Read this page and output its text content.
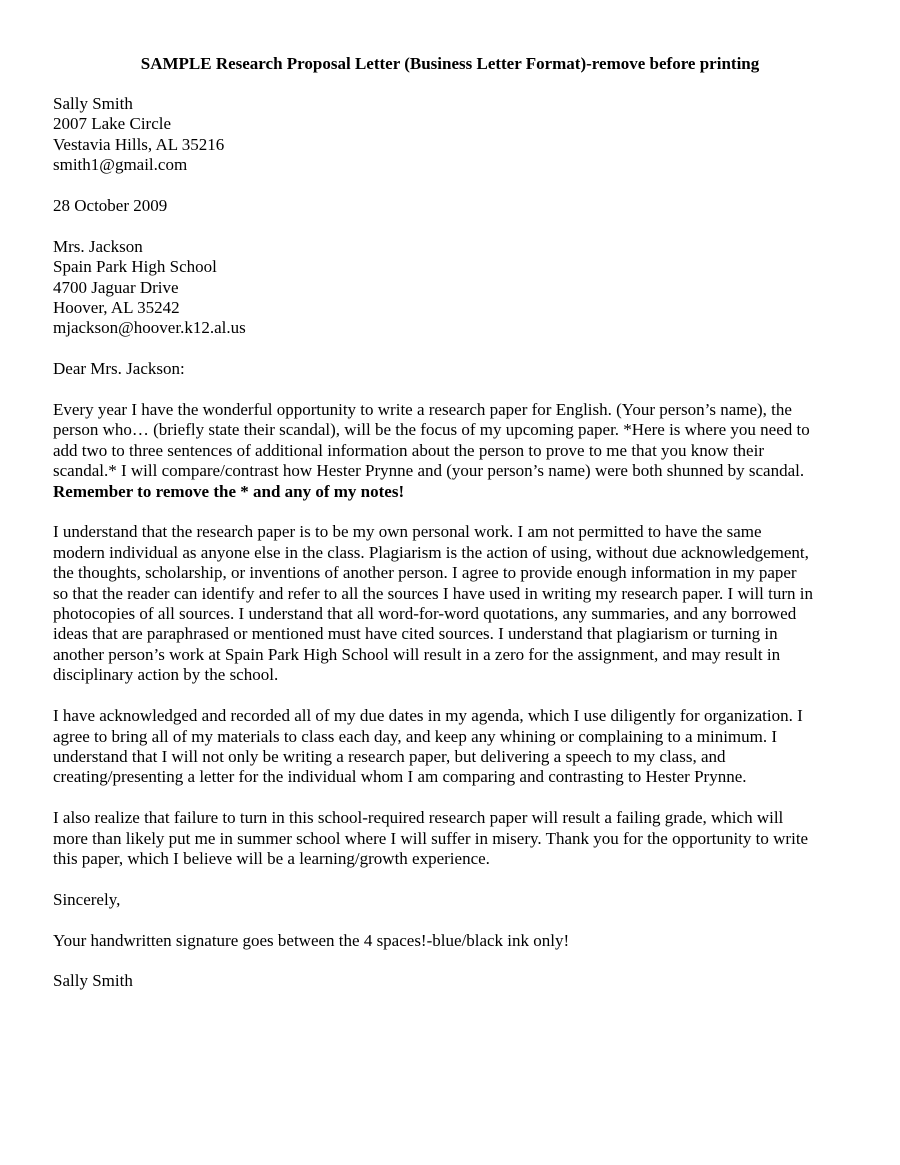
SAMPLE Research Proposal Letter (Business Letter Format)-remove before printing
Sally Smith
2007 Lake Circle
Vestavia Hills, AL 35216
smith1@gmail.com
28 October 2009
Mrs. Jackson
Spain Park High School
4700 Jaguar Drive
Hoover, AL 35242
mjackson@hoover.k12.al.us
Dear Mrs. Jackson:
Every year I have the wonderful opportunity to write a research paper for English. (Your person’s name), the
person who… (briefly state their scandal), will be the focus of my upcoming paper. *Here is where you need to
add two to three sentences of additional information about the person to prove to me that you know their
scandal.* I will compare/contrast how Hester Prynne and (your person’s name) were both shunned by scandal.
Remember to remove the * and any of my notes!
I understand that the research paper is to be my own personal work. I am not permitted to have the same
modern individual as anyone else in the class. Plagiarism is the action of using, without due acknowledgement,
the thoughts, scholarship, or inventions of another person. I agree to provide enough information in my paper
so that the reader can identify and refer to all the sources I have used in writing my research paper. I will turn in
photocopies of all sources. I understand that all word-for-word quotations, any summaries, and any borrowed
ideas that are paraphrased or mentioned must have cited sources. I understand that plagiarism or turning in
another person’s work at Spain Park High School will result in a zero for the assignment, and may result in
disciplinary action by the school.
I have acknowledged and recorded all of my due dates in my agenda, which I use diligently for organization. I
agree to bring all of my materials to class each day, and keep any whining or complaining to a minimum. I
understand that I will not only be writing a research paper, but delivering a speech to my class, and
creating/presenting a letter for the individual whom I am comparing and contrasting to Hester Prynne.
I also realize that failure to turn in this school-required research paper will result a failing grade, which will
more than likely put me in summer school where I will suffer in misery. Thank you for the opportunity to write
this paper, which I believe will be a learning/growth experience.
Sincerely,
Your handwritten signature goes between the 4 spaces!-blue/black ink only!
Sally Smith
